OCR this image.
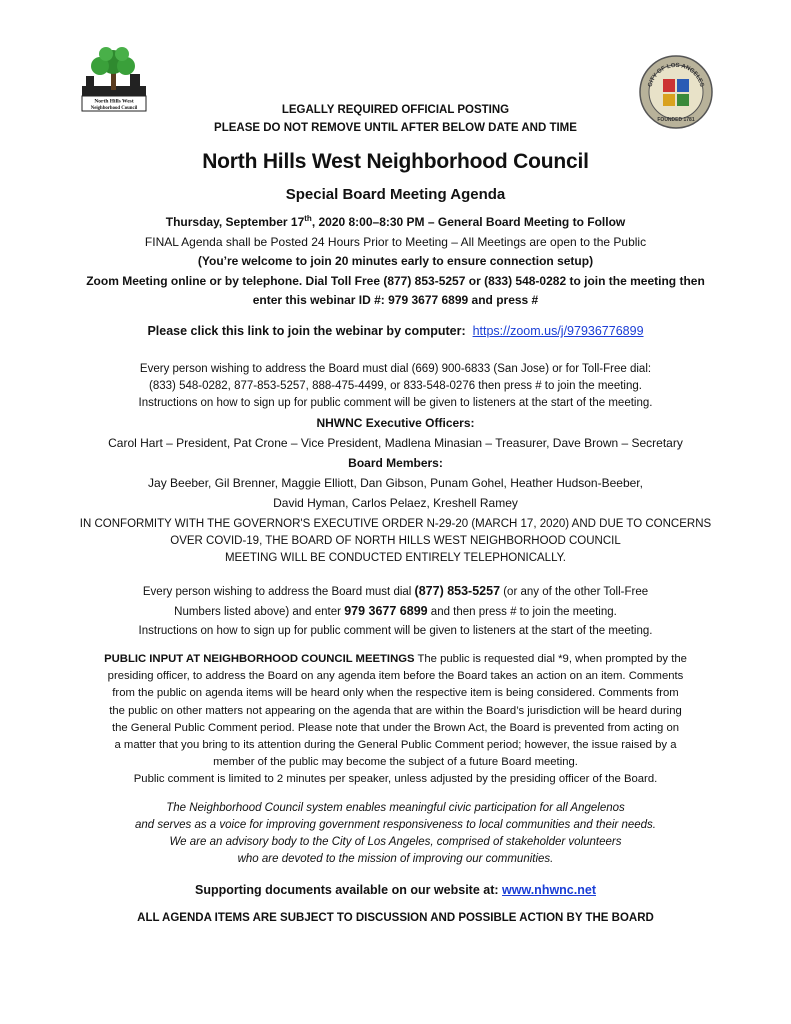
North Hills West
Neighborhood Council
CITY OF LOS ANGELES
FOUNDED 1781
LEGALLY REQUIRED OFFICIAL POSTING
PLEASE DO NOT REMOVE UNTIL AFTER BELOW DATE AND TIME
North Hills West Neighborhood Council
Special Board Meeting Agenda
Thursday, September 17th, 2020 8:00–8:30 PM – General Board Meeting to Follow
FINAL Agenda shall be Posted 24 Hours Prior to Meeting – All Meetings are open to the Public
(You’re welcome to join 20 minutes early to ensure connection setup)
Zoom Meeting online or by telephone. Dial Toll Free (877) 853-5257 or (833) 548-0282 to join the meeting then
enter this webinar ID #: 979 3677 6899 and press #
Please click this link to join the webinar by computer: https://zoom.us/j/97936776899
Every person wishing to address the Board must dial (669) 900-6833 (San Jose) or for Toll-Free dial:
(833) 548-0282, 877-853-5257, 888-475-4499, or 833-548-0276 then press # to join the meeting.
Instructions on how to sign up for public comment will be given to listeners at the start of the meeting.
NHWNC Executive Officers:
Carol Hart – President, Pat Crone – Vice President, Madlena Minasian – Treasurer, Dave Brown – Secretary
Board Members:
Jay Beeber, Gil Brenner, Maggie Elliott, Dan Gibson, Punam Gohel, Heather Hudson-Beeber,
David Hyman, Carlos Pelaez, Kreshell Ramey
IN CONFORMITY WITH THE GOVERNOR'S EXECUTIVE ORDER N-29-20 (MARCH 17, 2020) AND DUE TO CONCERNS
OVER COVID-19, THE BOARD OF NORTH HILLS WEST NEIGHBORHOOD COUNCIL
MEETING WILL BE CONDUCTED ENTIRELY TELEPHONICALLY.
Every person wishing to address the Board must dial (877) 853-5257 (or any of the other Toll-Free
Numbers listed above) and enter 979 3677 6899 and then press # to join the meeting.
Instructions on how to sign up for public comment will be given to listeners at the start of the meeting.
PUBLIC INPUT AT NEIGHBORHOOD COUNCIL MEETINGS The public is requested dial *9, when prompted by the
presiding officer, to address the Board on any agenda item before the Board takes an action on an item. Comments
from the public on agenda items will be heard only when the respective item is being considered. Comments from
the public on other matters not appearing on the agenda that are within the Board’s jurisdiction will be heard during
the General Public Comment period. Please note that under the Brown Act, the Board is prevented from acting on
a matter that you bring to its attention during the General Public Comment period; however, the issue raised by a
member of the public may become the subject of a future Board meeting.
Public comment is limited to 2 minutes per speaker, unless adjusted by the presiding officer of the Board.
The Neighborhood Council system enables meaningful civic participation for all Angelenos
and serves as a voice for improving government responsiveness to local communities and their needs.
We are an advisory body to the City of Los Angeles, comprised of stakeholder volunteers
who are devoted to the mission of improving our communities.
Supporting documents available on our website at: www.nhwnc.net
ALL AGENDA ITEMS ARE SUBJECT TO DISCUSSION AND POSSIBLE ACTION BY THE BOARD
